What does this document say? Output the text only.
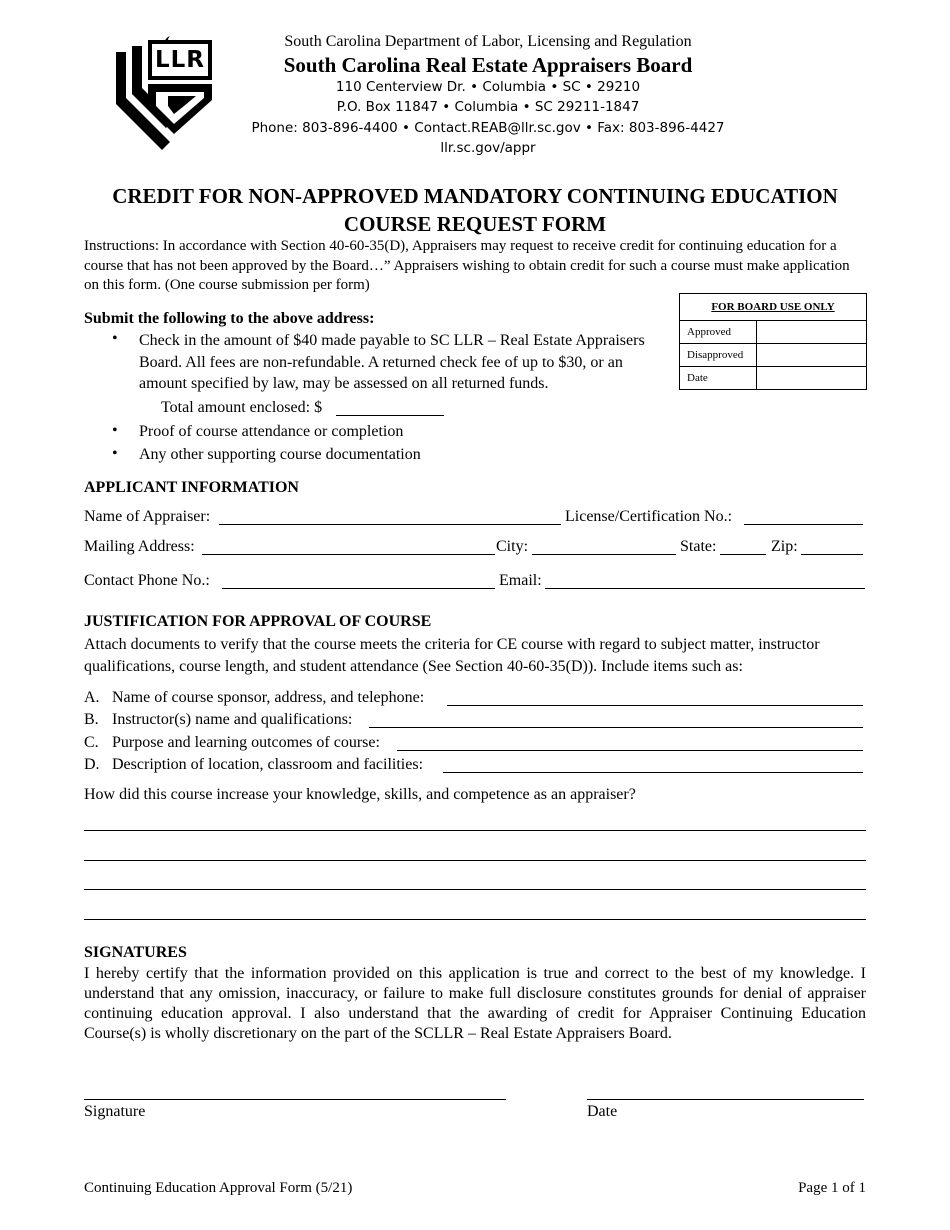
LLR
South Carolina Department of Labor, Licensing and Regulation
South Carolina Real Estate Appraisers Board
110 Centerview Dr. • Columbia • SC • 29210
P.O. Box 11847 • Columbia • SC 29211-1847
Phone: 803-896-4400 • Contact.REAB@llr.sc.gov • Fax: 803-896-4427
llr.sc.gov/appr
CREDIT FOR NON-APPROVED MANDATORY CONTINUING EDUCATION
COURSE REQUEST FORM
Instructions: In accordance with Section 40-60-35(D), Appraisers may request to receive credit for continuing education for a course that has not been approved by the Board…” Appraisers wishing to obtain credit for such a course must make application on this form. (One course submission per form)
FOR BOARD USE ONLY	
Approved	
Disapproved	
Date	
Submit the following to the above address:
• Check in the amount of $40 made payable to SC LLR – Real Estate Appraisers Board. All fees are non-refundable. A returned check fee of up to $30, or an amount specified by law, may be assessed on all returned funds.
Total amount enclosed: $
• Proof of course attendance or completion
• Any other supporting course documentation
APPLICANT INFORMATION
Name of Appraiser:	License/Certification No.:
Mailing Address:	City:	State:	Zip:
Contact Phone No.:	Email:
JUSTIFICATION FOR APPROVAL OF COURSE
Attach documents to verify that the course meets the criteria for CE course with regard to subject matter, instructor qualifications, course length, and student attendance (See Section 40-60-35(D)). Include items such as:
A. Name of course sponsor, address, and telephone:
B. Instructor(s) name and qualifications:
C. Purpose and learning outcomes of course:
D. Description of location, classroom and facilities:
How did this course increase your knowledge, skills, and competence as an appraiser?
SIGNATURES
I hereby certify that the information provided on this application is true and correct to the best of my knowledge. I understand that any omission, inaccuracy, or failure to make full disclosure constitutes grounds for denial of appraiser continuing education approval. I also understand that the awarding of credit for Appraiser Continuing Education Course(s) is wholly discretionary on the part of the SCLLR – Real Estate Appraisers Board.
Signature	Date
Continuing Education Approval Form (5/21)	Page 1 of 1
